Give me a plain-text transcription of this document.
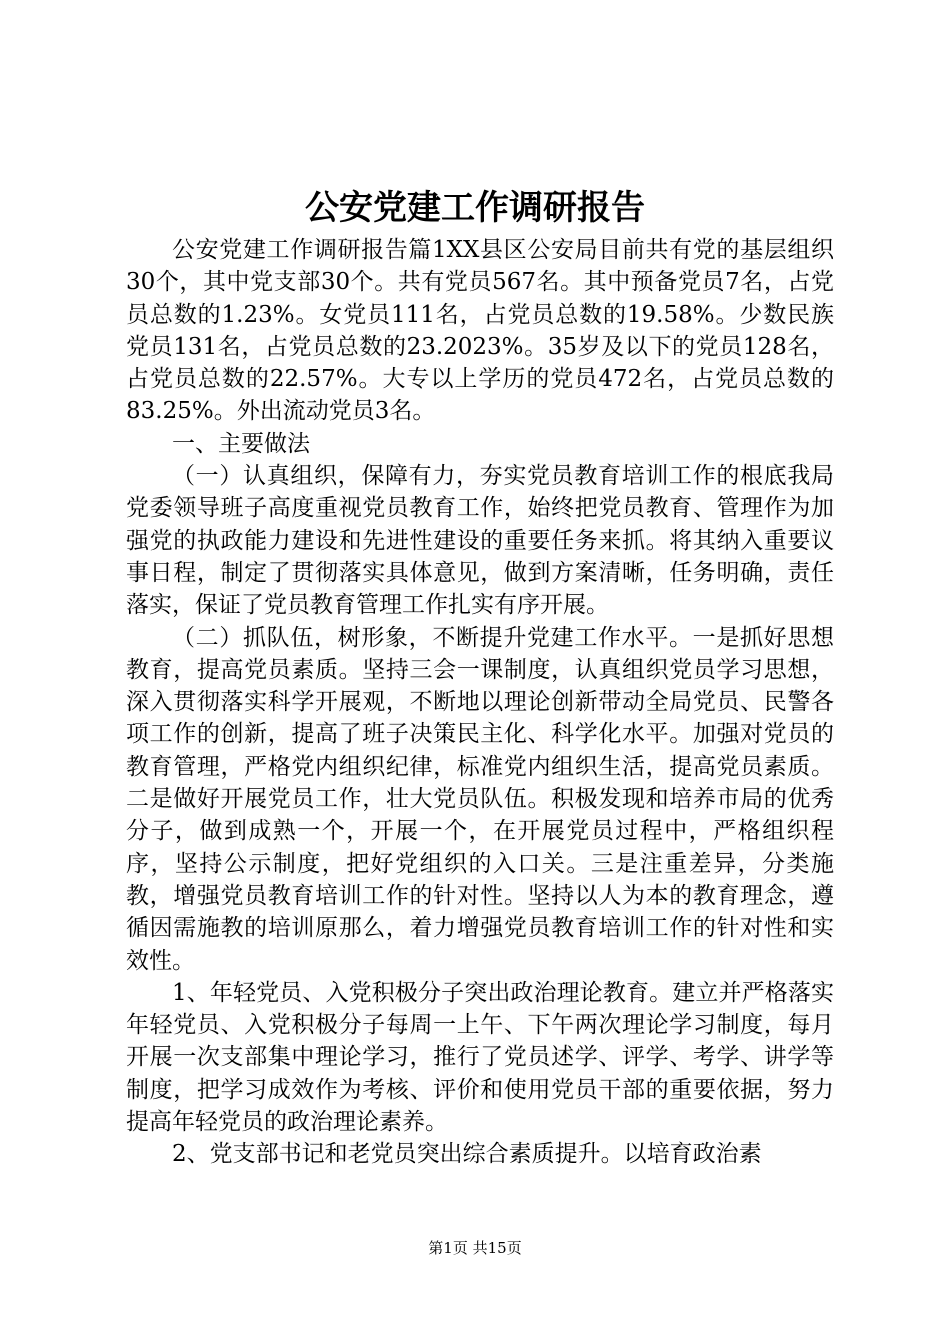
公安党建工作调研报告

公安党建工作调研报告篇1XX县区公安局目前共有党的基层组织30个，其中党支部30个。共有党员567名。其中预备党员7名，占党员总数的1.23%。女党员111名，占党员总数的19.58%。少数民族党员131名，占党员总数的23.2023%。35岁及以下的党员128名，占党员总数的22.57%。大专以上学历的党员472名，占党员总数的83.25%。外出流动党员3名。

一、主要做法

（一）认真组织，保障有力，夯实党员教育培训工作的根底我局党委领导班子高度重视党员教育工作，始终把党员教育、管理作为加强党的执政能力建设和先进性建设的重要任务来抓。将其纳入重要议事日程，制定了贯彻落实具体意见，做到方案清晰，任务明确，责任落实，保证了党员教育管理工作扎实有序开展。

（二）抓队伍，树形象，不断提升党建工作水平。一是抓好思想教育，提高党员素质。坚持三会一课制度，认真组织党员学习思想，深入贯彻落实科学开展观，不断地以理论创新带动全局党员、民警各项工作的创新，提高了班子决策民主化、科学化水平。加强对党员的教育管理，严格党内组织纪律，标准党内组织生活，提高党员素质。二是做好开展党员工作，壮大党员队伍。积极发现和培养市局的优秀分子，做到成熟一个，开展一个，在开展党员过程中，严格组织程序，坚持公示制度，把好党组织的入口关。三是注重差异，分类施教，增强党员教育培训工作的针对性。坚持以人为本的教育理念，遵循因需施教的培训原那么，着力增强党员教育培训工作的针对性和实效性。

1、年轻党员、入党积极分子突出政治理论教育。建立并严格落实年轻党员、入党积极分子每周一上午、下午两次理论学习制度，每月开展一次支部集中理论学习，推行了党员述学、评学、考学、讲学等制度，把学习成效作为考核、评价和使用党员干部的重要依据，努力提高年轻党员的政治理论素养。

2、党支部书记和老党员突出综合素质提升。以培育政治素

第1页 共15页
